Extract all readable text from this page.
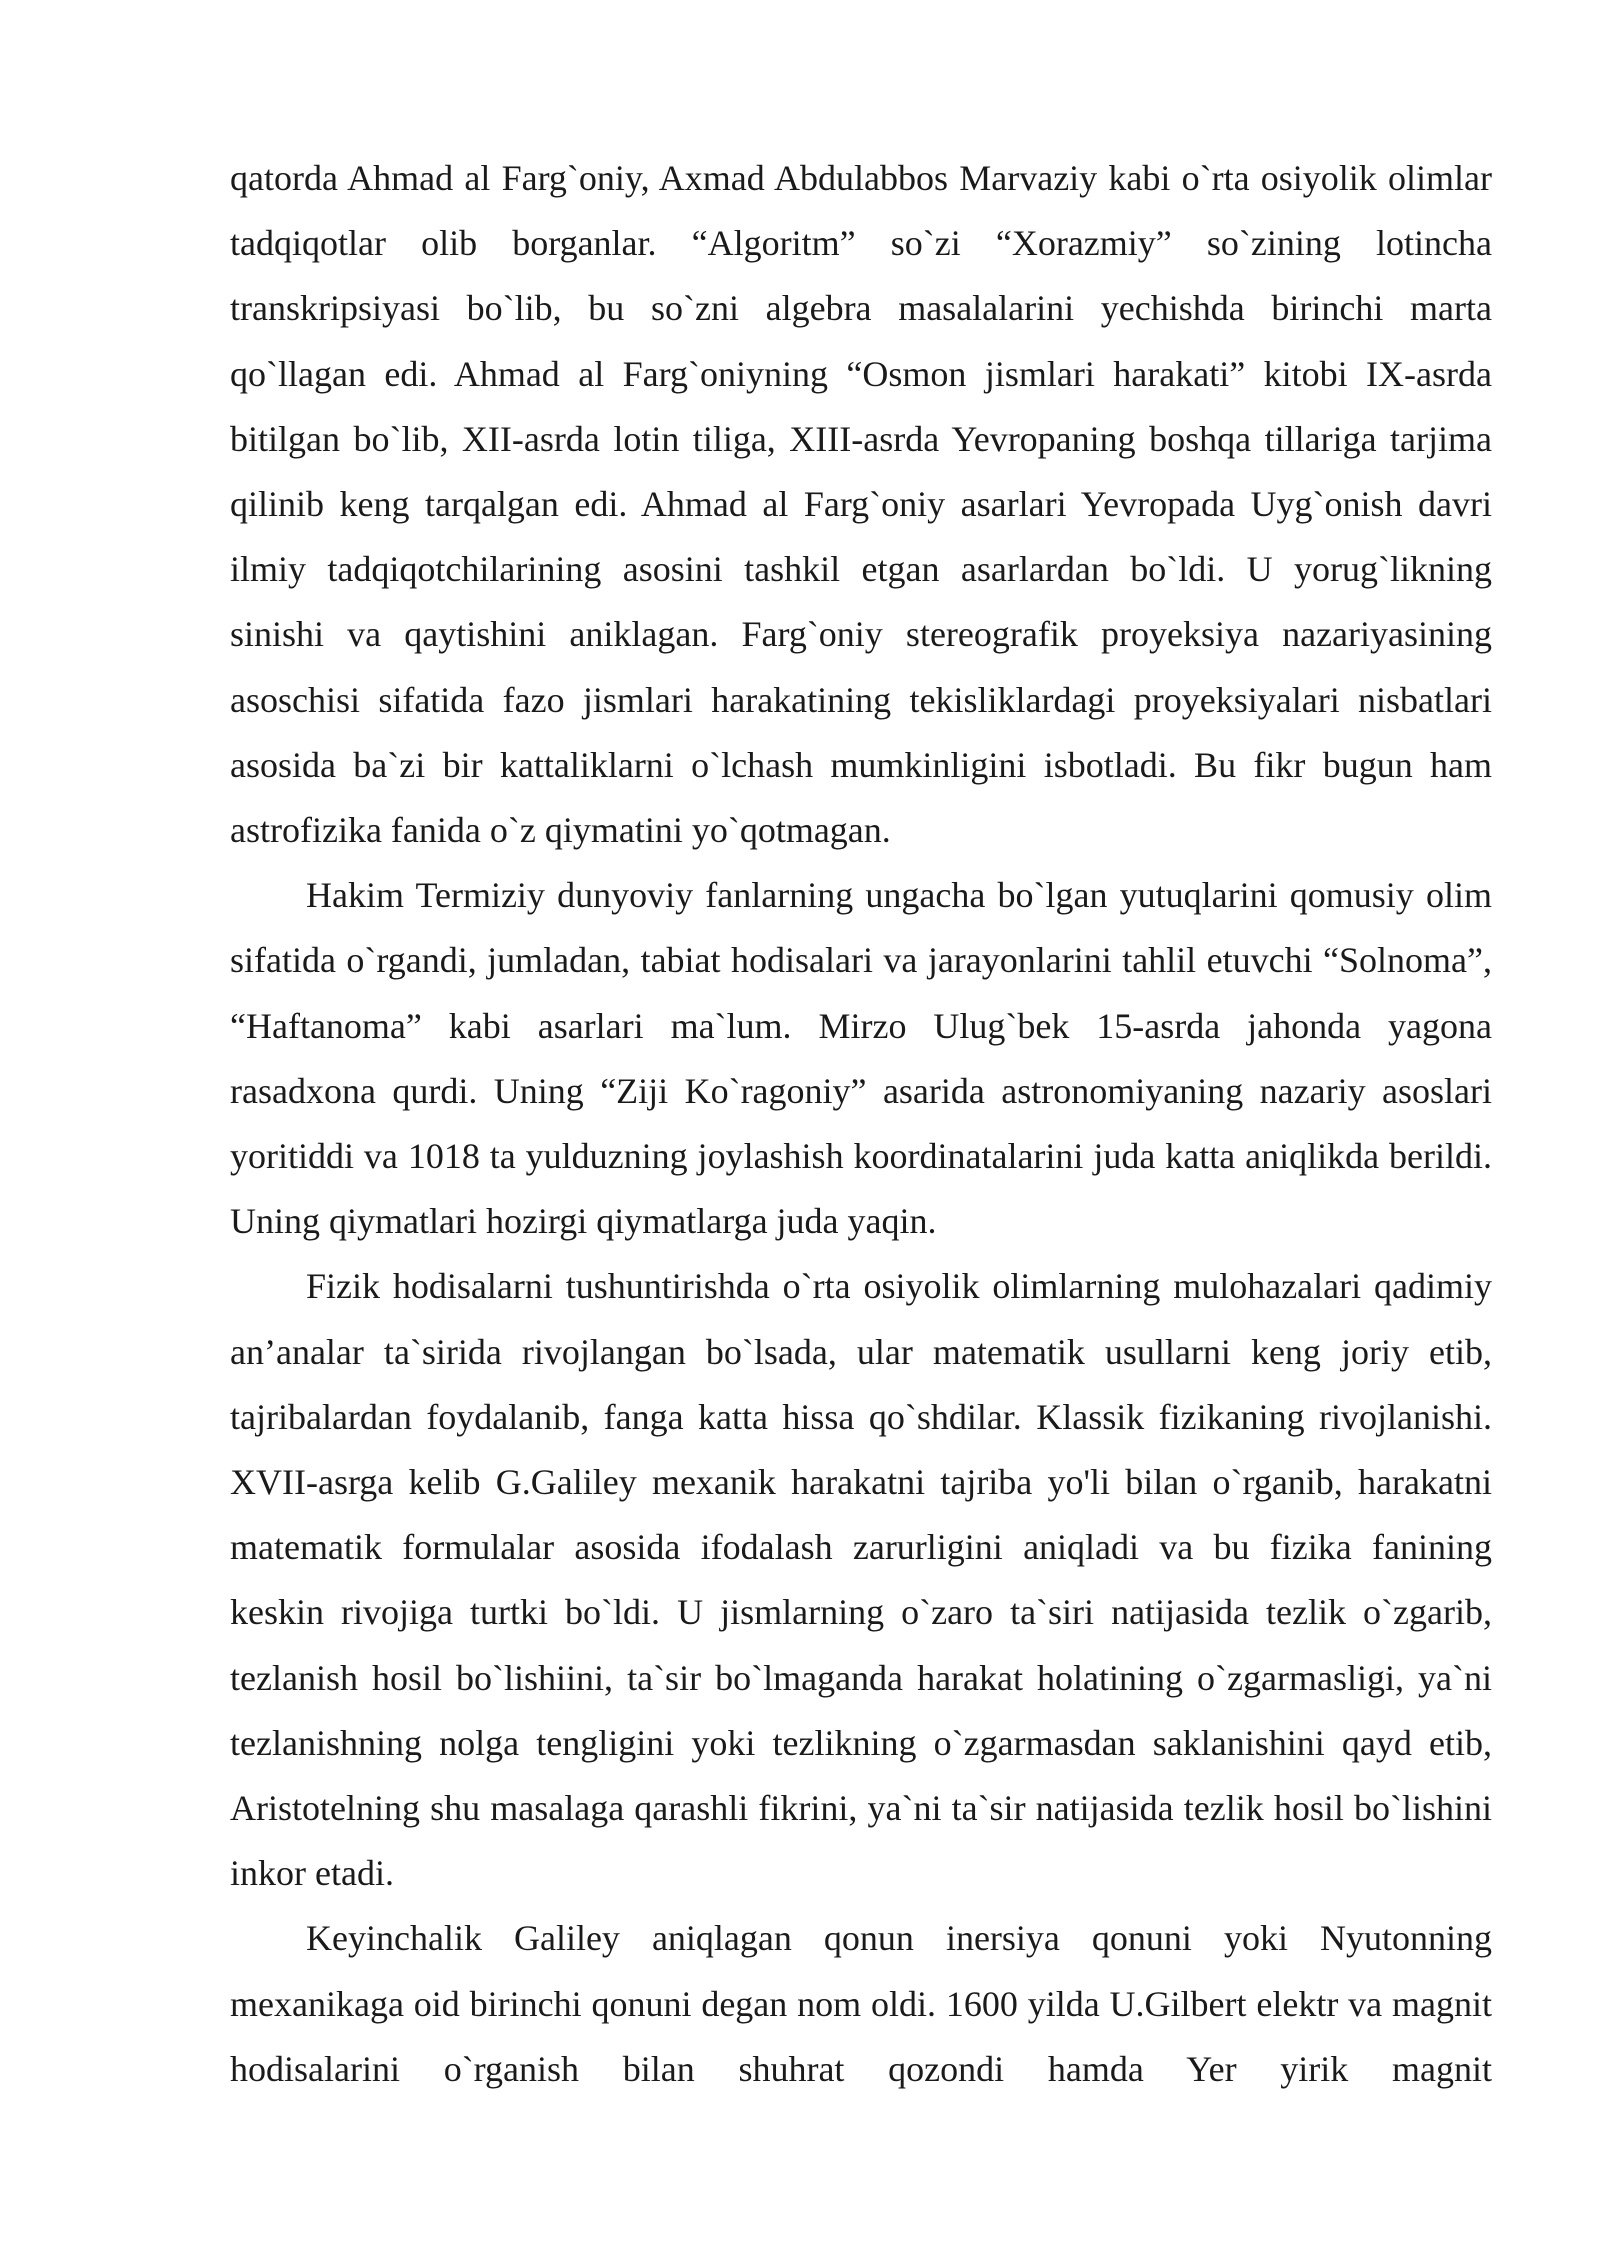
qatorda Ahmad al Farg`oniy, Axmad Abdulabbos Marvaziy kabi o`rta osiyolik olimlar tadqiqotlar olib borganlar. “Algoritm” so`zi “Xorazmiy” so`zining lotincha transkripsiyasi bo`lib, bu so`zni algebra masalalarini yechishda birinchi marta qo`llagan edi. Ahmad al Farg`oniyning “Osmon jismlari harakati” kitobi IX-asrda bitilgan bo`lib, XII-asrda lotin tiliga, XIII-asrda Yevropaning boshqa tillariga tarjima qilinib keng tarqalgan edi. Ahmad al Farg`oniy asarlari Yevropada Uyg`onish davri ilmiy tadqiqotchilarining asosini tashkil etgan asarlardan bo`ldi. U yorug`likning sinishi va qaytishini aniklagan. Farg`oniy stereografik proyeksiya nazariyasining asoschisi sifatida fazo jismlari harakatining tekisliklardagi proyeksiyalari nisbatlari asosida ba`zi bir kattaliklarni o`lchash mumkinligini isbotladi. Bu fikr bugun ham astrofizika fanida o`z qiymatini yo`qotmagan.

Hakim Termiziy dunyoviy fanlarning ungacha bo`lgan yutuqlarini qomusiy olim sifatida o`rgandi, jumladan, tabiat hodisalari va jarayonlarini tahlil etuvchi “Solnoma”, “Haftanoma” kabi asarlari ma`lum. Mirzo Ulug`bek 15-asrda jahonda yagona rasadxona qurdi. Uning “Ziji Ko`ragoniy” asarida astronomiyaning nazariy asoslari yoritiddi va 1018 ta yulduzning joylashish koordinatalarini juda katta aniqlikda berildi. Uning qiymatlari hozirgi qiymatlarga juda yaqin.

Fizik hodisalarni tushuntirishda o`rta osiyolik olimlarning mulohazalari qadimiy an’analar ta`sirida rivojlangan bo`lsada, ular matematik usullarni keng joriy etib, tajribalardan foydalanib, fanga katta hissa qo`shdilar. Klassik fizikaning rivojlanishi. XVII-asrga kelib G.Galiley mexanik harakatni tajriba yo'li bilan o`rganib, harakatni matematik formulalar asosida ifodalash zarurligini aniqladi va bu fizika fanining keskin rivojiga turtki bo`ldi. U jismlarning o`zaro ta`siri natijasida tezlik o`zgarib, tezlanish hosil bo`lishiini, ta`sir bo`lmaganda harakat holatining o`zgarmasligi, ya`ni tezlanishning nolga tengligini yoki tezlikning o`zgarmasdan saklanishini qayd etib, Aristotelning shu masalaga qarashli fikrini, ya`ni ta`sir natijasida tezlik hosil bo`lishini inkor etadi.

Keyinchalik Galiley aniqlagan qonun inersiya qonuni yoki Nyutonning mexanikaga oid birinchi qonuni degan nom oldi. 1600 yilda U.Gilbert elektr va magnit hodisalarini o`rganish bilan shuhrat qozondi hamda Yer yirik magnit
